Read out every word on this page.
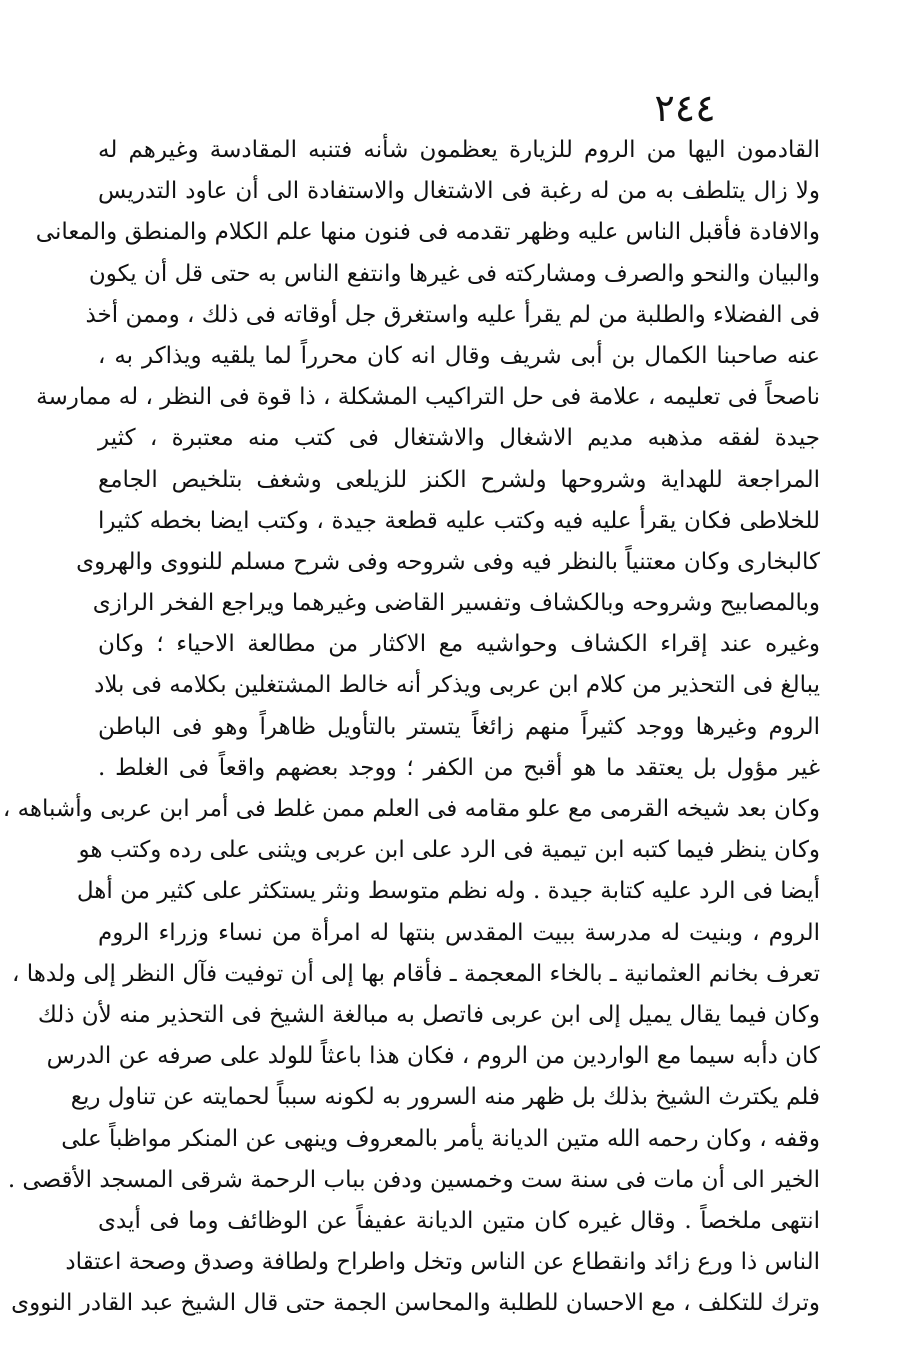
٢٤٤
القادمون اليها من الروم للزيارة يعظمون شأنه فتنبه المقادسة وغيرهم له
ولا زال يتلطف به من له رغبة فى الاشتغال والاستفادة الى أن عاود التدريس
والافادة فأقبل الناس عليه وظهر تقدمه فى فنون منها علم الكلام والمنطق والمعانى
والبيان والنحو والصرف ومشاركته فى غيرها وانتفع الناس به حتى قل أن يكون
فى الفضلاء والطلبة من لم يقرأ عليه واستغرق جل أوقاته فى ذلك ، وممن أخذ
عنه صاحبنا الكمال بن أبى شريف وقال انه كان محرراً لما يلقيه ويذاكر به ،
ناصحاً فى تعليمه ، علامة فى حل التراكيب المشكلة ، ذا قوة فى النظر ، له ممارسة
جيدة لفقه مذهبه مديم الاشغال والاشتغال فى كتب منه معتبرة ، كثير
المراجعة للهداية وشروحها ولشرح الكنز للزيلعى وشغف بتلخيص الجامع
للخلاطى فكان يقرأ عليه فيه وكتب عليه قطعة جيدة ، وكتب ايضا بخطه كثيرا
كالبخارى وكان معتنياً بالنظر فيه وفى شروحه وفى شرح مسلم للنووى والهروى
وبالمصابيح وشروحه وبالكشاف وتفسير القاضى وغيرهما ويراجع الفخر الرازى
وغيره عند إقراء الكشاف وحواشيه مع الاكثار من مطالعة الاحياء ؛ وكان
يبالغ فى التحذير من كلام ابن عربى ويذكر أنه خالط المشتغلين بكلامه فى بلاد
الروم وغيرها ووجد كثيراً منهم زائغاً يتستر بالتأويل ظاهراً وهو فى الباطن
غير مؤول بل يعتقد ما هو أقبح من الكفر ؛ ووجد بعضهم واقعاً فى الغلط .
وكان بعد شيخه القرمى مع علو مقامه فى العلم ممن غلط فى أمر ابن عربى وأشباهه ،
وكان ينظر فيما كتبه ابن تيمية فى الرد على ابن عربى ويثنى على رده وكتب هو
أيضا فى الرد عليه كتابة جيدة . وله نظم متوسط ونثر يستكثر على كثير من أهل
الروم ، وبنيت له مدرسة ببيت المقدس بنتها له امرأة من نساء وزراء الروم
تعرف بخانم العثمانية ـ بالخاء المعجمة ـ فأقام بها إلى أن توفيت فآل النظر إلى ولدها ،
وكان فيما يقال يميل إلى ابن عربى فاتصل به مبالغة الشيخ فى التحذير منه لأن ذلك
كان دأبه سيما مع الواردين من الروم ، فكان هذا باعثاً للولد على صرفه عن الدرس
فلم يكترث الشيخ بذلك بل ظهر منه السرور به لكونه سبباً لحمايته عن تناول ريع
وقفه ، وكان رحمه الله متين الديانة يأمر بالمعروف وينهى عن المنكر مواظباً على
الخير الى أن مات فى سنة ست وخمسين ودفن بباب الرحمة شرقى المسجد الأقصى .
انتهى ملخصاً . وقال غيره كان متين الديانة عفيفاً عن الوظائف وما فى أيدى
الناس ذا ورع زائد وانقطاع عن الناس وتخل واطراح ولطافة وصدق وصحة اعتقاد
وترك للتكلف ، مع الاحسان للطلبة والمحاسن الجمة حتى قال الشيخ عبد القادر النووى
